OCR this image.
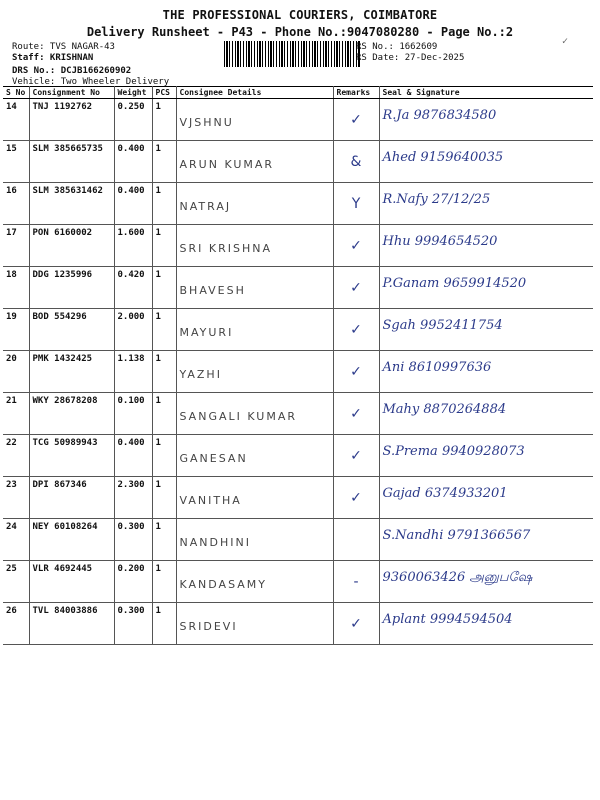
THE PROFESSIONAL COURIERS, COIMBATORE
Delivery Runsheet - P43 - Phone No.:9047080280 - Page No.:2
Route: TVS NAGAR-43
Staff: KRISHNAN
DRS No.: DCJB166260902
Vehicle: Two Wheeler Delivery
RS No.: 1662609
RS Date: 27-Dec-2025
✓
S No	Consignment No	Weight	PCS	Consignee Details	Remarks	Seal & Signature
14	TNJ 1192762	0.250	1	VJSHNU	✓	R.Ja 9876834580

15	SLM 385665735	0.400	1	ARUN KUMAR	&	Ahed 9159640035

16	SLM 385631462	0.400	1	NATRAJ	Y	R.Nafy 27/12/25

17	PON 6160002	1.600	1	SRI KRISHNA	✓	Hhu 9994654520

18	DDG 1235996	0.420	1	BHAVESH	✓	P.Ganam 9659914520

19	BOD 554296	2.000	1	MAYURI	✓	Sgah 9952411754

20	PMK 1432425	1.138	1	YAZHI	✓	Ani 8610997636

21	WKY 28678208	0.100	1	SANGALI KUMAR	✓	Mahy 8870264884

22	TCG 50989943	0.400	1	GANESAN	✓	S.Prema 9940928073

23	DPI 867346	2.300	1	VANITHA	✓	Gajad 6374933201

24	NEY 60108264	0.300	1	NANDHINI		S.Nandhi 9791366567

25	VLR 4692445	0.200	1	KANDASAMY	-	9360063426 அனுபஷே

26	TVL 84003886	0.300	1	SRIDEVI	✓	Aplant 9994594504
